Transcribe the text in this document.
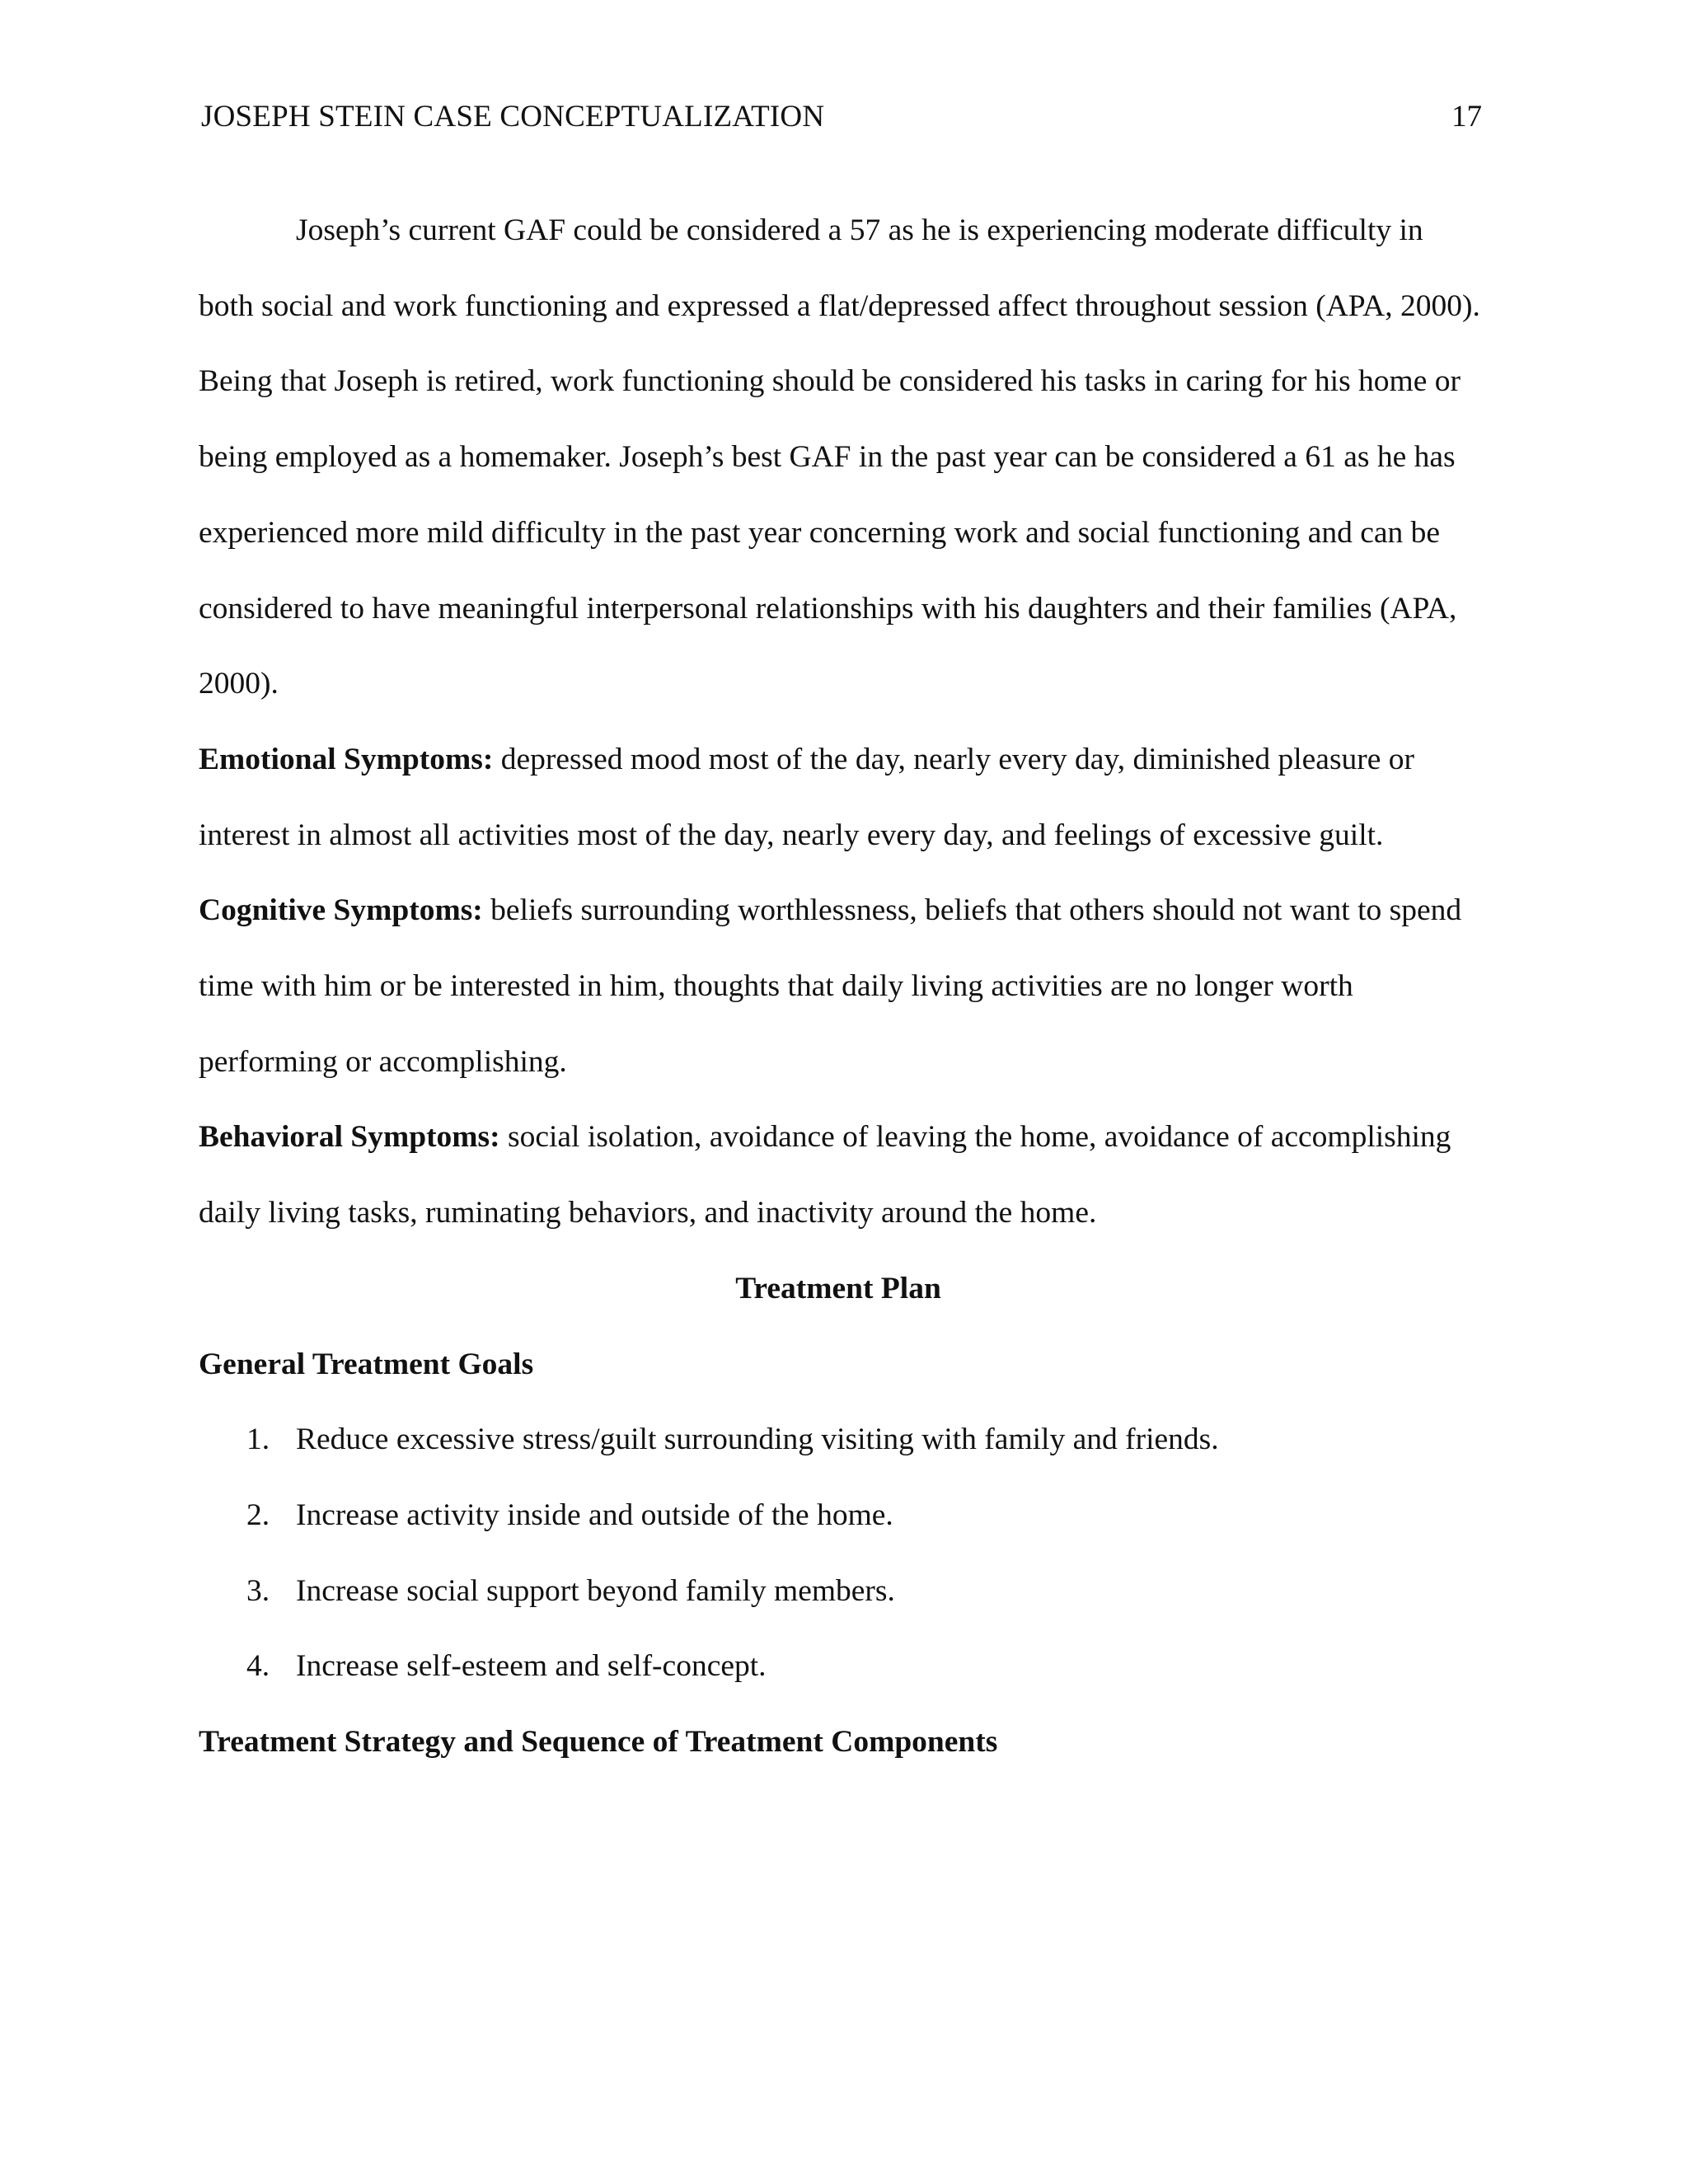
JOSEPH STEIN CASE CONCEPTUALIZATION	17

Joseph’s current GAF could be considered a 57 as he is experiencing moderate difficulty in both social and work functioning and expressed a flat/depressed affect throughout session (APA, 2000). Being that Joseph is retired, work functioning should be considered his tasks in caring for his home or being employed as a homemaker. Joseph’s best GAF in the past year can be considered a 61 as he has experienced more mild difficulty in the past year concerning work and social functioning and can be considered to have meaningful interpersonal relationships with his daughters and their families (APA, 2000).

Emotional Symptoms: depressed mood most of the day, nearly every day, diminished pleasure or interest in almost all activities most of the day, nearly every day, and feelings of excessive guilt.

Cognitive Symptoms: beliefs surrounding worthlessness, beliefs that others should not want to spend time with him or be interested in him, thoughts that daily living activities are no longer worth performing or accomplishing.

Behavioral Symptoms: social isolation, avoidance of leaving the home, avoidance of accomplishing daily living tasks, ruminating behaviors, and inactivity around the home.

Treatment Plan

General Treatment Goals

1. Reduce excessive stress/guilt surrounding visiting with family and friends.
2. Increase activity inside and outside of the home.
3. Increase social support beyond family members.
4. Increase self-esteem and self-concept.

Treatment Strategy and Sequence of Treatment Components
